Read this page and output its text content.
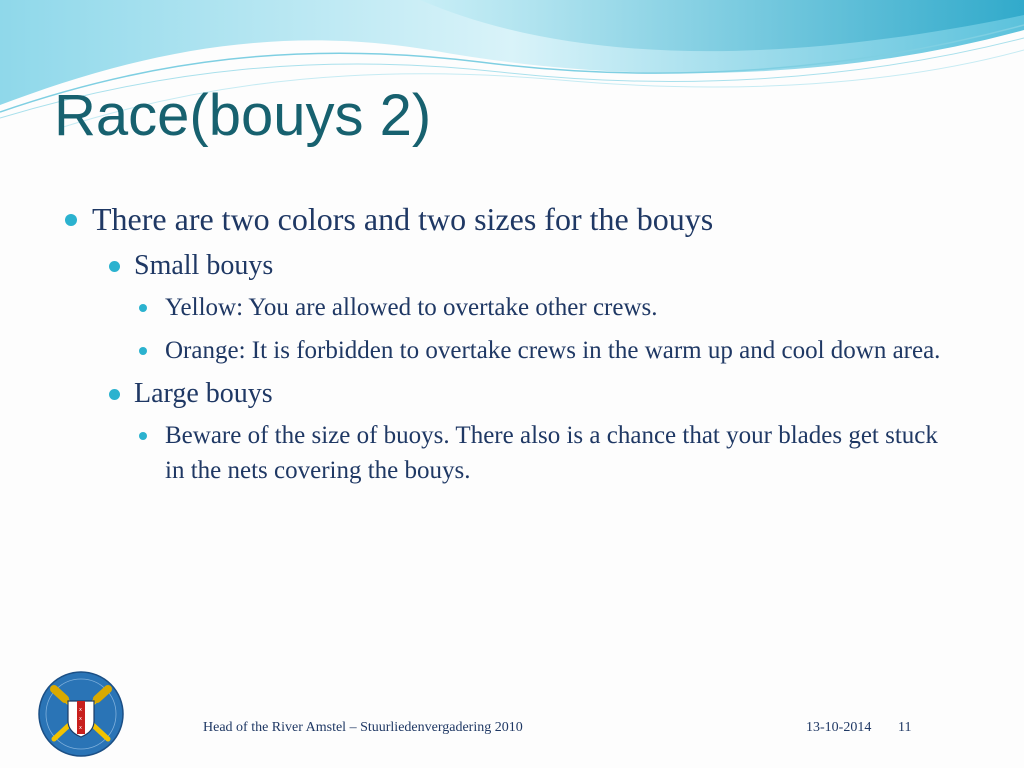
Race(bouys 2)
There are two colors and two sizes for the bouys
Small bouys
Yellow: You are allowed to overtake other crews.
Orange: It is forbidden to overtake crews in the warm up and cool down area.
Large bouys
Beware of the size of buoys. There also is a chance that your blades get stuck in the nets covering the bouys.
x
x
x	Head of the River Amstel – Stuurliedenvergadering 2010	13-10-2014 11
